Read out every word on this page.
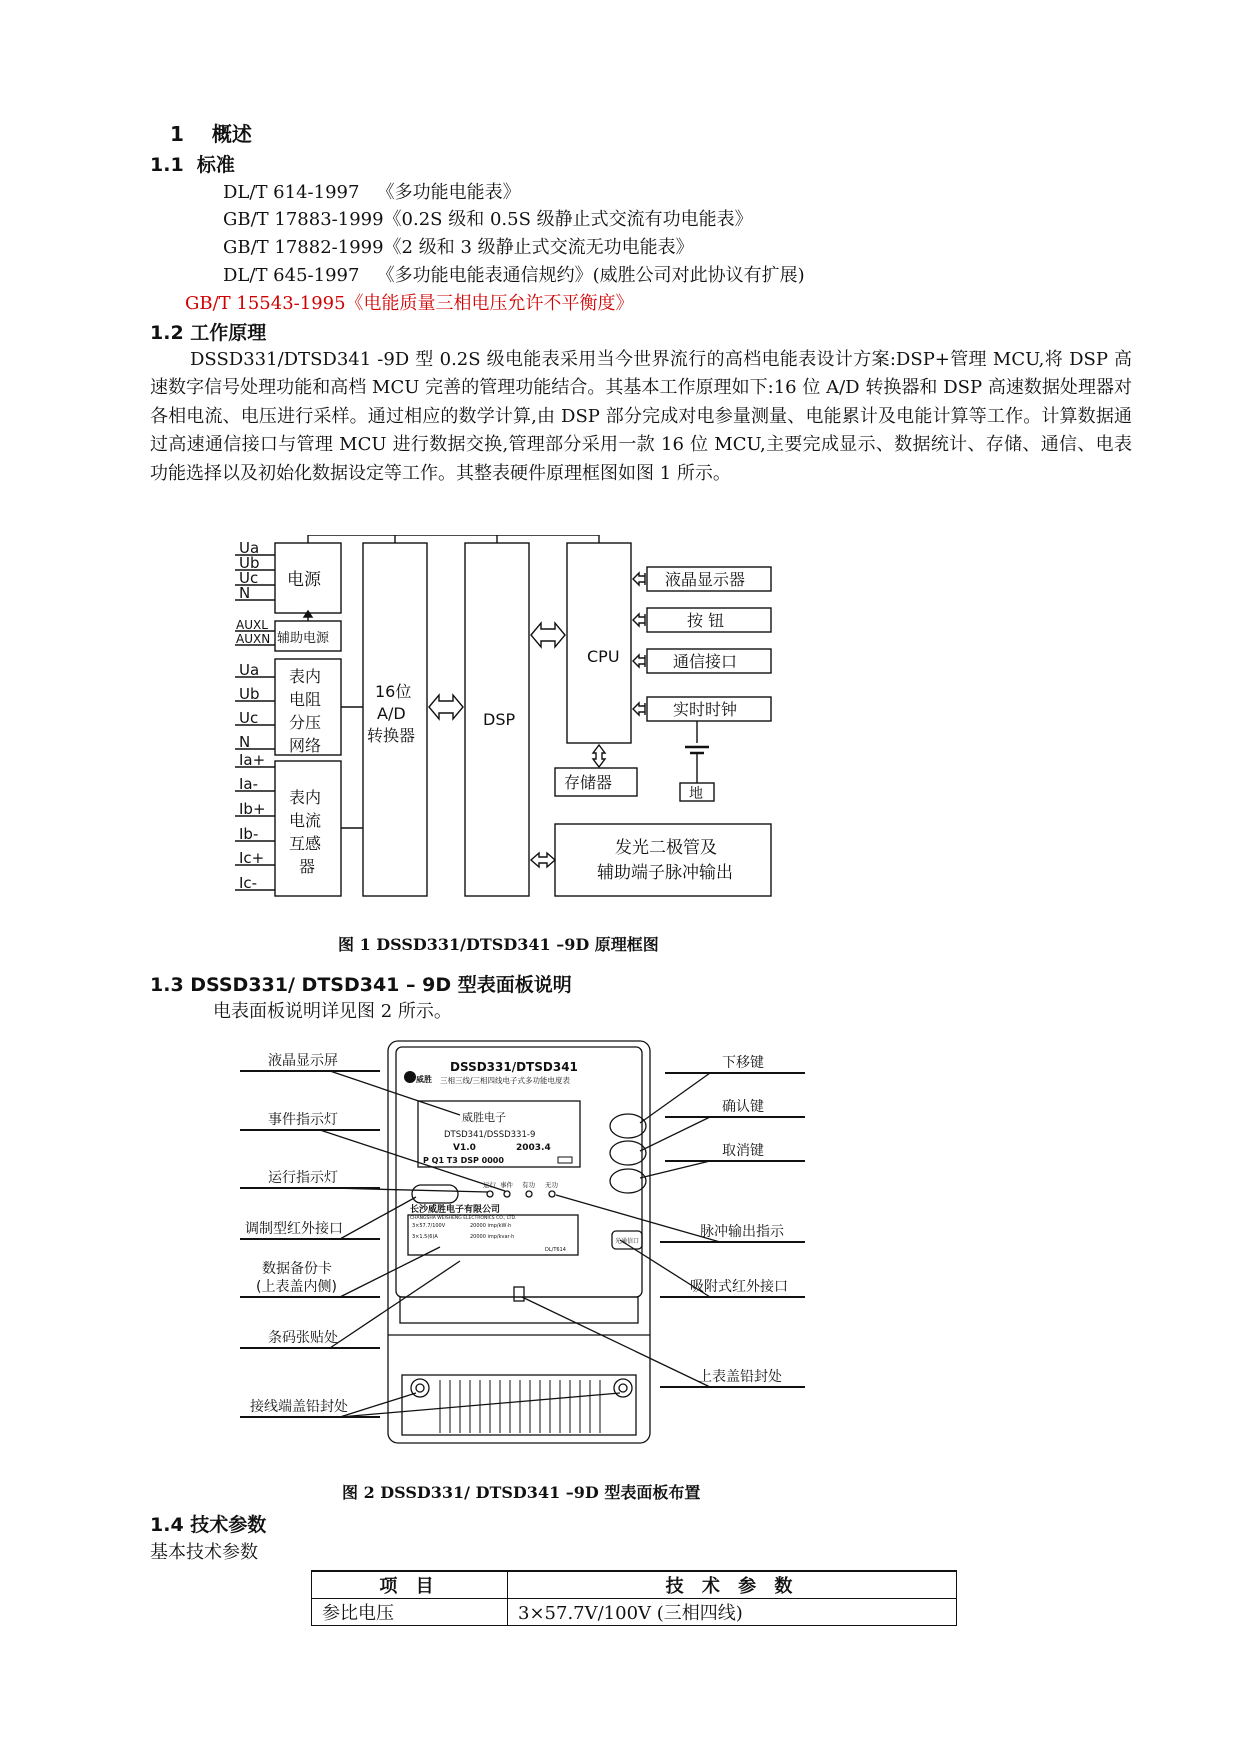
1 概述
1.1 标准
DL/T 614-1997   《多功能电能表》
GB/T 17883-1999《0.2S 级和 0.5S 级静止式交流有功电能表》
GB/T 17882-1999《2 级和 3 级静止式交流无功电能表》
DL/T 645-1997   《多功能电能表通信规约》(威胜公司对此协议有扩展)
GB/T 15543-1995《电能质量三相电压允许不平衡度》
1.2 工作原理
DSSD331/DTSD341 -9D 型 0.2S 级电能表采用当今世界流行的高档电能表设计方案:DSP+管理 MCU,将 DSP 高速数字信号处理功能和高档 MCU 完善的管理功能结合。其基本工作原理如下:16 位 A/D 转换器和 DSP 高速数据处理器对各相电流、电压进行采样。通过相应的数学计算,由 DSP 部分完成对电参量测量、电能累计及电能计算等工作。计算数据通过高速通信接口与管理 MCU 进行数据交换,管理部分采用一款 16 位 MCU,主要完成显示、数据统计、存储、通信、电表功能选择以及初始化数据设定等工作。其整表硬件原理框图如图 1 所示。
Ua
Ub
Uc
N
AUXL
AUXN
Ua
Ub
Uc
N
Ia+
Ia-
Ib+
Ib-
Ic+
Ic-
电源
辅助电源
表内
电阻
分压
网络
表内
电流
互感
器
16位
A/D
转换器
DSP
CPU
液晶显示器
按 钮
通信接口
实时时钟
地
存储器
发光二极管及
辅助端子脉冲输出
图 1 DSSD331/DTSD341 –9D 原理框图
1.3 DSSD331/ DTSD341 – 9D 型表面板说明
电表面板说明详见图 2 所示。
DSSD331/DTSD341
威胜 三相三线/三相四线电子式多功能电度表
威胜电子
DTSD341/DSSD331-9
V1.0	2003.4
P Q1 T3 DSP 0000
运行 事件 有功 无功
长沙威胜电子有限公司
CHANGSHA WEISHENG ELECTRONICS CO., LTD.
3×57.7/100V
3×1.5(6)A
20000 imp/kW·h
20000 imp/kvar·h
DL/T614
光通信口
液晶显示屏
事件指示灯
运行指示灯
调制型红外接口
数据备份卡
(上表盖内侧)
条码张贴处
接线端盖铅封处
下移键
确认键
取消键
脉冲输出指示
吸附式红外接口
上表盖铅封处
图 2 DSSD331/ DTSD341 –9D 型表面板布置
1.4 技术参数
基本技术参数
项 目	技 术 参 数
参比电压	3×57.7V/100V (三相四线)
